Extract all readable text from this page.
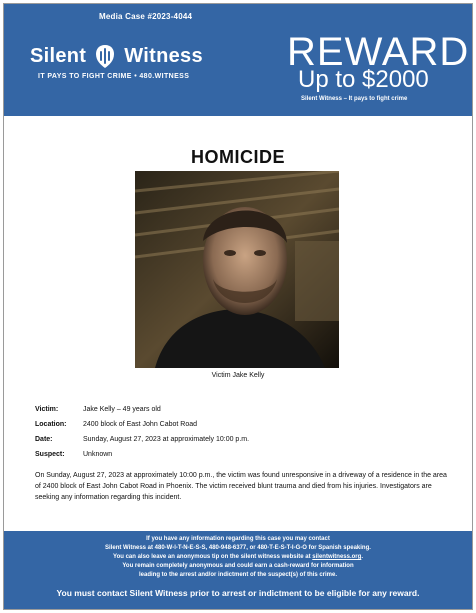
Media Case #2023-4044
Silent Witness
IT PAYS TO FIGHT CRIME • 480.WITNESS
REWARD
Up to $2000
Silent Witness – It pays to fight crime
HOMICIDE
Victim Jake Kelly
Victim:	Jake Kelly – 49 years old
Location:	2400 block of East John Cabot Road
Date:	Sunday, August 27, 2023 at approximately 10:00 p.m.
Suspect:	Unknown
On Sunday, August 27, 2023 at approximately 10:00 p.m., the victim was found unresponsive in a driveway of a residence in the area of 2400 block of East John Cabot Road in Phoenix. The victim received blunt trauma and died from his injuries. Investigators are seeking any information regarding this incident.
If you have any information regarding this case you may contact
Silent Witness at 480-W-I-T-N-E-S-S, 480-948-6377, or 480-T-E-S-T-I-G-O for Spanish speaking.
You can also leave an anonymous tip on the silent witness website at silentwitness.org.
You remain completely anonymous and could earn a cash-reward for information
leading to the arrest and/or indictment of the suspect(s) of this crime.
You must contact Silent Witness prior to arrest or indictment to be eligible for any reward.
